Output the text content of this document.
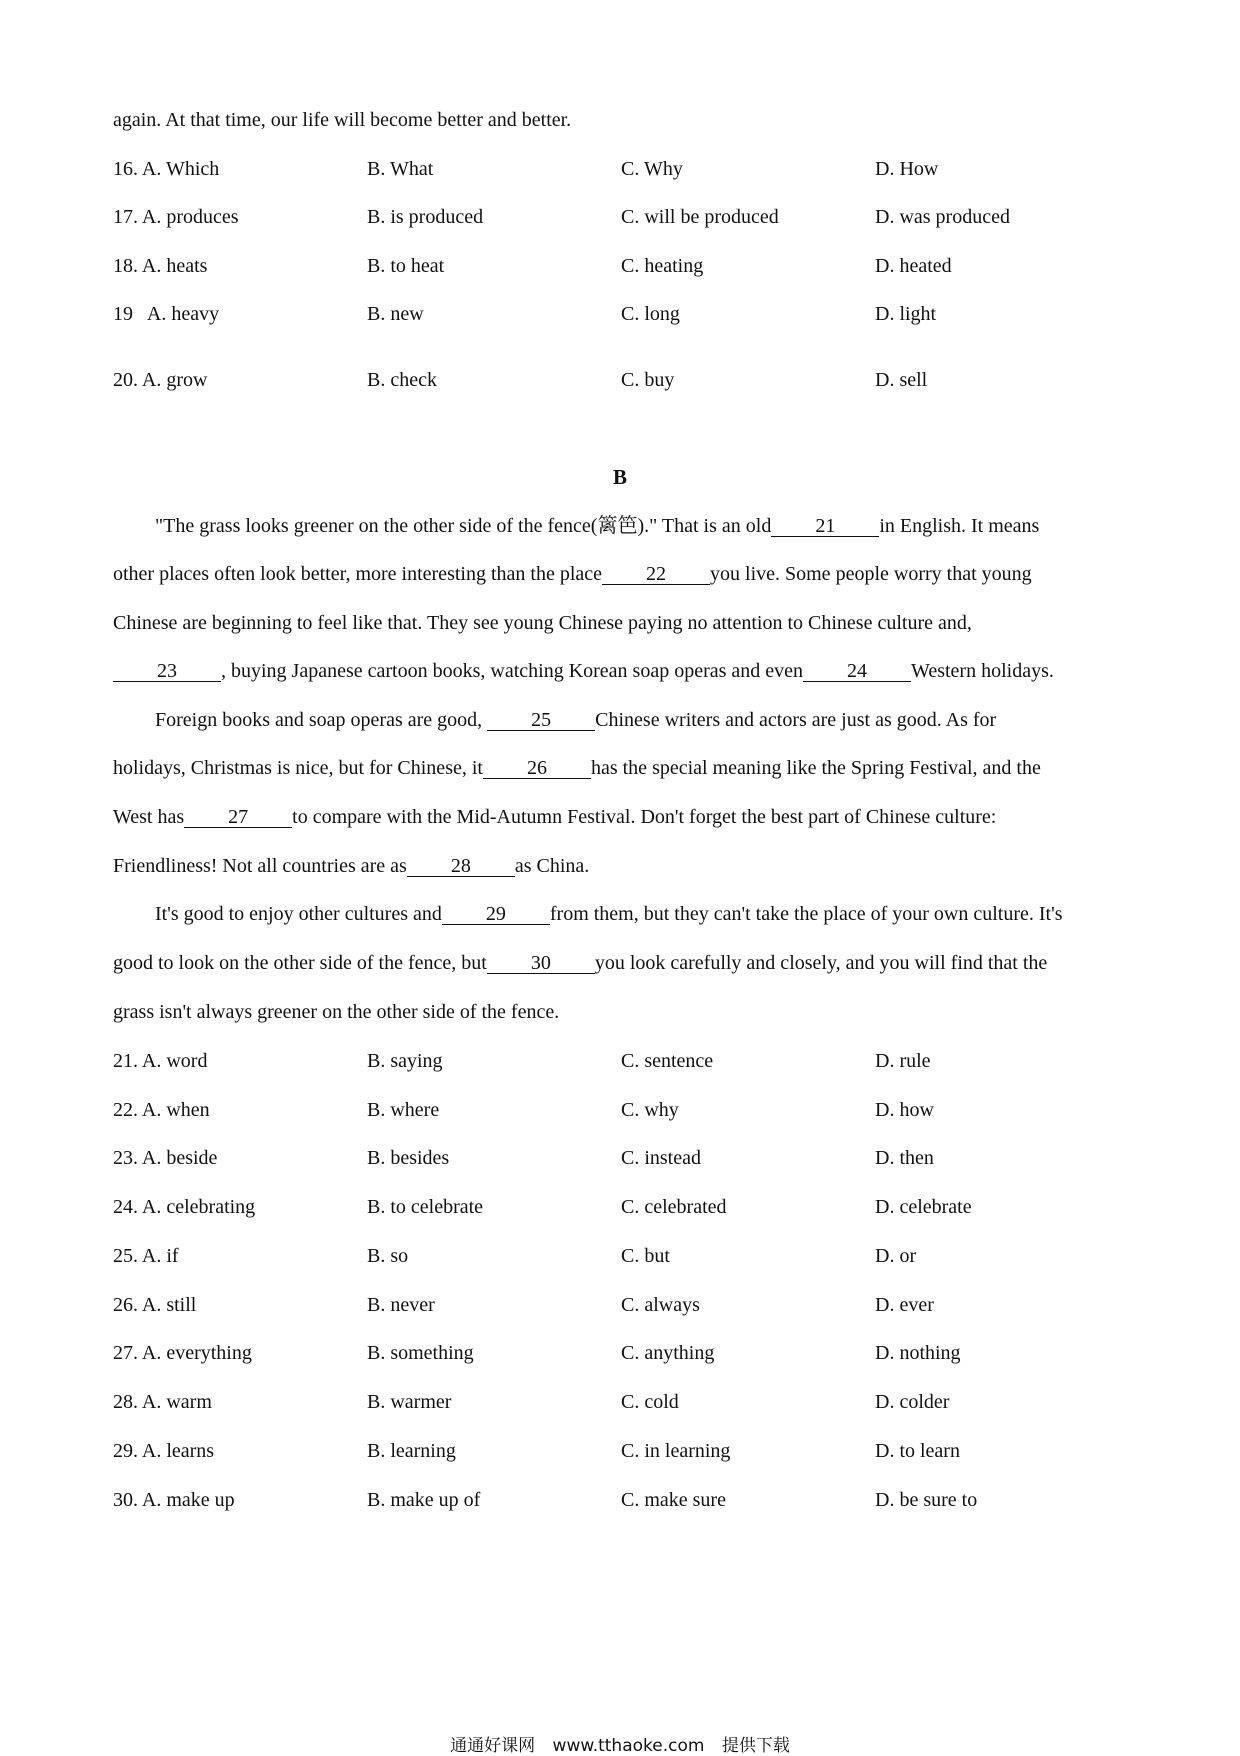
again. At that time, our life will become better and better.
16. A. Which	B. What	C. Why	D. How
17. A. produces	B. is produced	C. will be produced	D. was produced
18. A. heats	B. to heat	C. heating	D. heated
19   A. heavy	B. new	C. long	D. light
20. A. grow	B. check	C. buy	D. sell
B
"The grass looks greener on the other side of the fence(篱笆)." That is an old 21 in English. It means
other places often look better, more interesting than the place 22 you live. Some people worry that young
Chinese are beginning to feel like that. They see young Chinese paying no attention to Chinese culture and,
23 , buying Japanese cartoon books, watching Korean soap operas and even 24 Western holidays.
Foreign books and soap operas are good, 25 Chinese writers and actors are just as good. As for
holidays, Christmas is nice, but for Chinese, it 26 has the special meaning like the Spring Festival, and the
West has 27 to compare with the Mid-Autumn Festival. Don't forget the best part of Chinese culture:
Friendliness! Not all countries are as 28 as China.
It's good to enjoy other cultures and 29 from them, but they can't take the place of your own culture. It's
good to look on the other side of the fence, but 30 you look carefully and closely, and you will find that the
grass isn't always greener on the other side of the fence.
21. A. word	B. saying	C. sentence	D. rule
22. A. when	B. where	C. why	D. how
23. A. beside	B. besides	C. instead	D. then
24. A. celebrating	B. to celebrate	C. celebrated	D. celebrate
25. A. if	B. so	C. but	D. or
26. A. still	B. never	C. always	D. ever
27. A. everything	B. something	C. anything	D. nothing
28. A. warm	B. warmer	C. cold	D. colder
29. A. learns	B. learning	C. in learning	D. to learn
30. A. make up	B. make up of	C. make sure	D. be sure to
通通好课网 www.tthaoke.com 提供下载
